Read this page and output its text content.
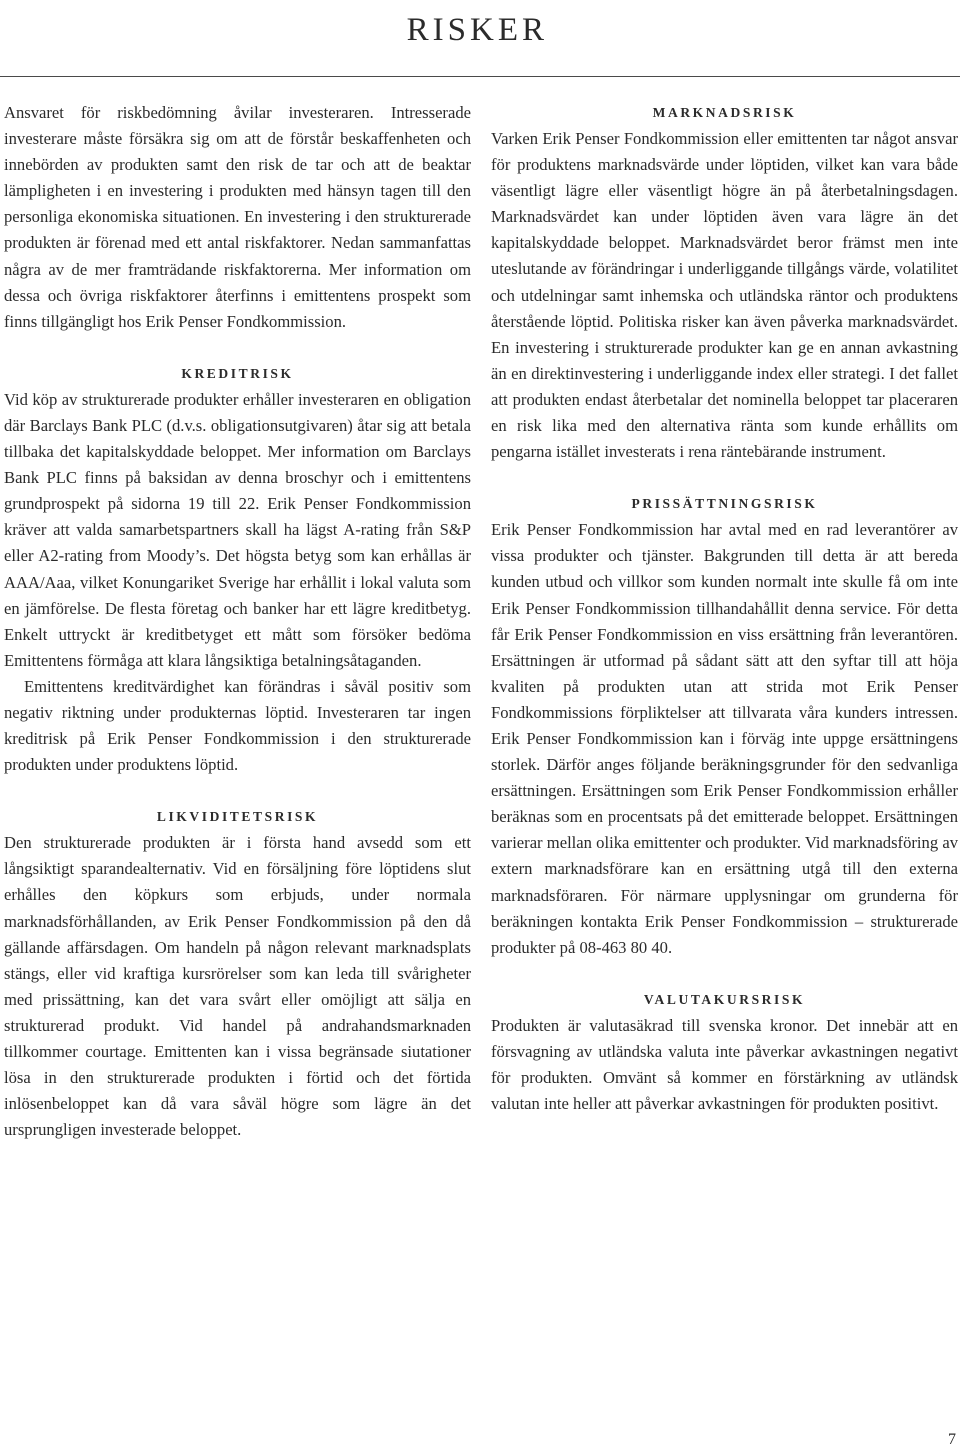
RISKER

Ansvaret för riskbedömning åvilar investeraren. Intresserade investerare måste försäkra sig om att de förstår beskaffenheten och innebörden av produkten samt den risk de tar och att de beaktar lämpligheten i en investering i produkten med hänsyn tagen till den personliga ekonomiska situationen. En investering i den strukturerade produkten är förenad med ett antal riskfaktorer. Nedan sammanfattas några av de mer framträdande riskfaktorerna. Mer information om dessa och övriga riskfaktorer återfinns i emittentens prospekt som finns tillgängligt hos Erik Penser Fondkommission.

KREDITRISK

Vid köp av strukturerade produkter erhåller investeraren en obligation där Barclays Bank PLC (d.v.s. obligationsutgivaren) åtar sig att betala tillbaka det kapitalskyddade beloppet. Mer information om Barclays Bank PLC finns på baksidan av denna broschyr och i emittentens grundprospekt på sidorna 19 till 22. Erik Penser Fondkommission kräver att valda samarbetspartners skall ha lägst A-rating från S&P eller A2-rating from Moody’s. Det högsta betyg som kan erhållas är AAA/Aaa, vilket Konungariket Sverige har erhållit i lokal valuta som en jämförelse. De flesta företag och banker har ett lägre kreditbetyg. Enkelt uttryckt är kreditbetyget ett mått som försöker bedöma Emittentens förmåga att klara långsiktiga betalningsåtaganden.

Emittentens kreditvärdighet kan förändras i såväl positiv som negativ riktning under produkternas löptid. Investeraren tar ingen kreditrisk på Erik Penser Fondkommission i den strukturerade produkten under produktens löptid.

LIKVIDITETSRISK

Den strukturerade produkten är i första hand avsedd som ett långsiktigt sparandealternativ. Vid en försäljning före löptidens slut erhålles den köpkurs som erbjuds, under normala marknadsförhållanden, av Erik Penser Fondkommission på den då gällande affärsdagen. Om handeln på någon relevant marknadsplats stängs, eller vid kraftiga kursrörelser som kan leda till svårigheter med prissättning, kan det vara svårt eller omöjligt att sälja en strukturerad produkt. Vid handel på andrahandsmarknaden tillkommer courtage. Emittenten kan i vissa begränsade siutationer lösa in den strukturerade produkten i förtid och det förtida inlösenbeloppet kan då vara såväl högre som lägre än det ursprungligen investerade beloppet.

MARKNADSRISK

Varken Erik Penser Fondkommission eller emittenten tar något ansvar för produktens marknadsvärde under löptiden, vilket kan vara både väsentligt lägre eller väsentligt högre än på återbetalningsdagen. Marknadsvärdet kan under löptiden även vara lägre än det kapitalskyddade beloppet. Marknadsvärdet beror främst men inte uteslutande av förändringar i underliggande tillgångs värde, volatilitet och utdelningar samt inhemska och utländska räntor och produktens återstående löptid. Politiska risker kan även påverka marknadsvärdet. En investering i strukturerade produkter kan ge en annan avkastning än en direktinvestering i underliggande index eller strategi. I det fallet att produkten endast återbetalar det nominella beloppet tar placeraren en risk lika med den alternativa ränta som kunde erhållits om pengarna istället investerats i rena räntebärande instrument.

PRISSÄTTNINGSRISK

Erik Penser Fondkommission har avtal med en rad leverantörer av vissa produkter och tjänster. Bakgrunden till detta är att bereda kunden utbud och villkor som kunden normalt inte skulle få om inte Erik Penser Fondkommission tillhandahållit denna service. För detta får Erik Penser Fondkommission en viss ersättning från leverantören. Ersättningen är utformad på sådant sätt att den syftar till att höja kvaliten på produkten utan att strida mot Erik Penser Fondkommissions förpliktelser att tillvarata våra kunders intressen. Erik Penser Fondkommission kan i förväg inte uppge ersättningens storlek. Därför anges följande beräkningsgrunder för den sedvanliga ersättningen. Ersättningen som Erik Penser Fondkommission erhåller beräknas som en procentsats på det emitterade beloppet. Ersättningen varierar mellan olika emittenter och produkter. Vid marknadsföring av extern marknadsförare kan en ersättning utgå till den externa marknadsföraren. För närmare upplysningar om grunderna för beräkningen kontakta Erik Penser Fondkommission – strukturerade produkter på 08-463 80 40.

VALUTAKURSRISK

Produkten är valutasäkrad till svenska kronor. Det innebär att en försvagning av utländska valuta inte påverkar avkastningen negativt för produkten. Omvänt så kommer en förstärkning av utländsk valutan inte heller att påverkar avkastningen för produkten positivt.

7
